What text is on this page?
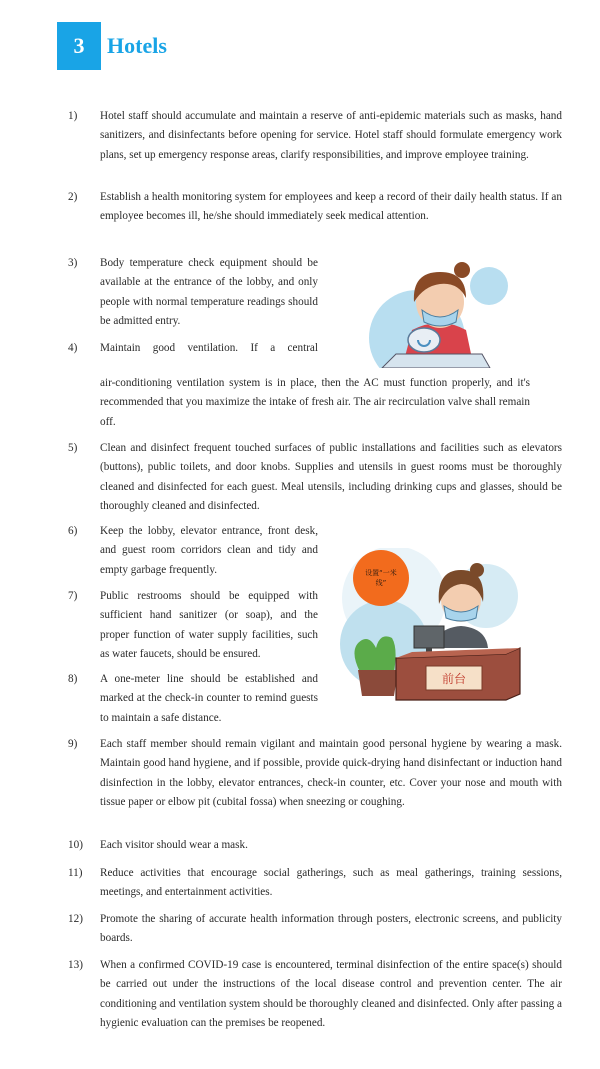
3	Hotels
1)	Hotel staff should accumulate and maintain a reserve of anti-epidemic materials such as masks, hand sanitizers, and disinfectants before opening for service. Hotel staff should formulate emergency work plans, set up emergency response areas, clarify responsibilities, and improve employee training.
2)	Establish a health monitoring system for employees and keep a record of their daily health status. If an employee becomes ill, he/she should immediately seek medical attention.
3)	Body temperature check equipment should be available at the entrance of the lobby, and only people with normal temperature readings should be admitted entry.
4)	Maintain good ventilation. If a central
air-conditioning ventilation system is in place, then the AC must function properly, and it's recommended that you maximize the intake of fresh air. The air recirculation valve shall remain off.
5)	Clean and disinfect frequent touched surfaces of public installations and facilities such as elevators (buttons), public toilets, and door knobs. Supplies and utensils in guest rooms must be thoroughly cleaned and disinfected for each guest. Meal utensils, including drinking cups and glasses, should be thoroughly cleaned and disinfected.
6)	Keep the lobby, elevator entrance, front desk, and guest room corridors clean and tidy and empty garbage frequently.
7)	Public restrooms should be equipped with sufficient hand sanitizer (or soap), and the proper function of water supply facilities, such as water faucets, should be ensured.
8)	A one-meter line should be established and marked at the check-in counter to remind guests to maintain a safe distance.
9)	Each staff member should remain vigilant and maintain good personal hygiene by wearing a mask. Maintain good hand hygiene, and if possible, provide quick-drying hand disinfectant or induction hand disinfection in the lobby, elevator entrances, check-in counter, etc. Cover your nose and mouth with tissue paper or elbow pit (cubital fossa) when sneezing or coughing.
10)	Each visitor should wear a mask.
11)	Reduce activities that encourage social gatherings, such as meal gatherings, training sessions, meetings, and entertainment activities.
12)	Promote the sharing of accurate health information through posters, electronic screens, and publicity boards.
13)	When a confirmed COVID-19 case is encountered, terminal disinfection of the entire space(s) should be carried out under the instructions of the local disease control and prevention center. The air conditioning and ventilation system should be thoroughly cleaned and disinfected. Only after passing a hygienic evaluation can the premises be reopened.
设置“一米
线”
前台
